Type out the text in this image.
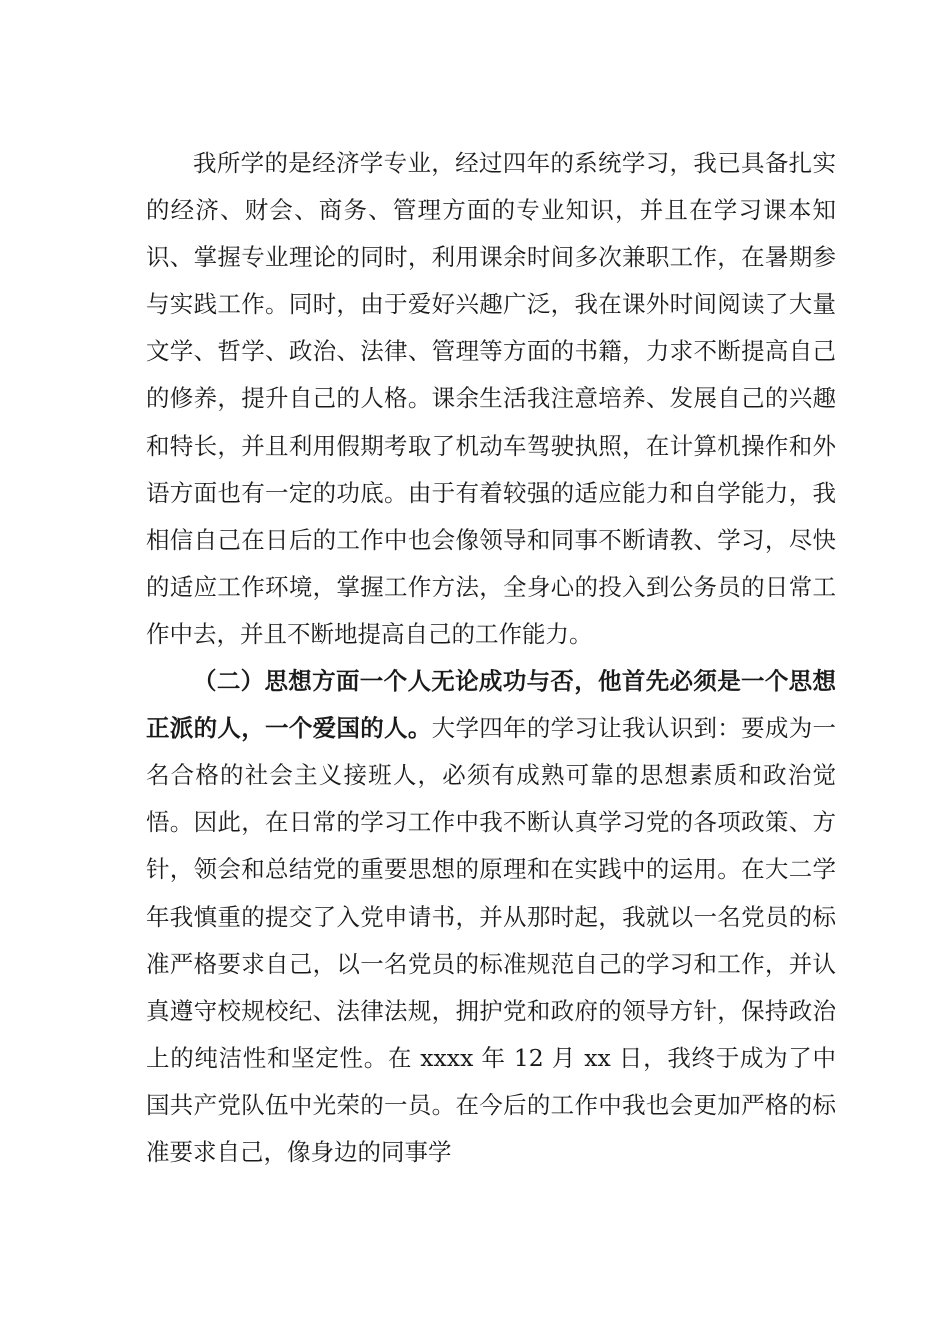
我所学的是经济学专业，经过四年的系统学习，我已具备扎实的经济、财会、商务、管理方面的专业知识，并且在学习课本知识、掌握专业理论的同时，利用课余时间多次兼职工作，在暑期参与实践工作。同时，由于爱好兴趣广泛，我在课外时间阅读了大量文学、哲学、政治、法律、管理等方面的书籍，力求不断提高自己的修养，提升自己的人格。课余生活我注意培养、发展自己的兴趣和特长，并且利用假期考取了机动车驾驶执照，在计算机操作和外语方面也有一定的功底。由于有着较强的适应能力和自学能力，我相信自己在日后的工作中也会像领导和同事不断请教、学习，尽快的适应工作环境，掌握工作方法，全身心的投入到公务员的日常工作中去，并且不断地提高自己的工作能力。

（二）思想方面一个人无论成功与否，他首先必须是一个思想正派的人，一个爱国的人。大学四年的学习让我认识到：要成为一名合格的社会主义接班人，必须有成熟可靠的思想素质和政治觉悟。因此，在日常的学习工作中我不断认真学习党的各项政策、方针，领会和总结党的重要思想的原理和在实践中的运用。在大二学年我慎重的提交了入党申请书，并从那时起，我就以一名党员的标准严格要求自己，以一名党员的标准规范自己的学习和工作，并认真遵守校规校纪、法律法规，拥护党和政府的领导方针，保持政治上的纯洁性和坚定性。在 xxxx 年 12 月 xx 日，我终于成为了中国共产党队伍中光荣的一员。在今后的工作中我也会更加严格的标准要求自己，像身边的同事学
